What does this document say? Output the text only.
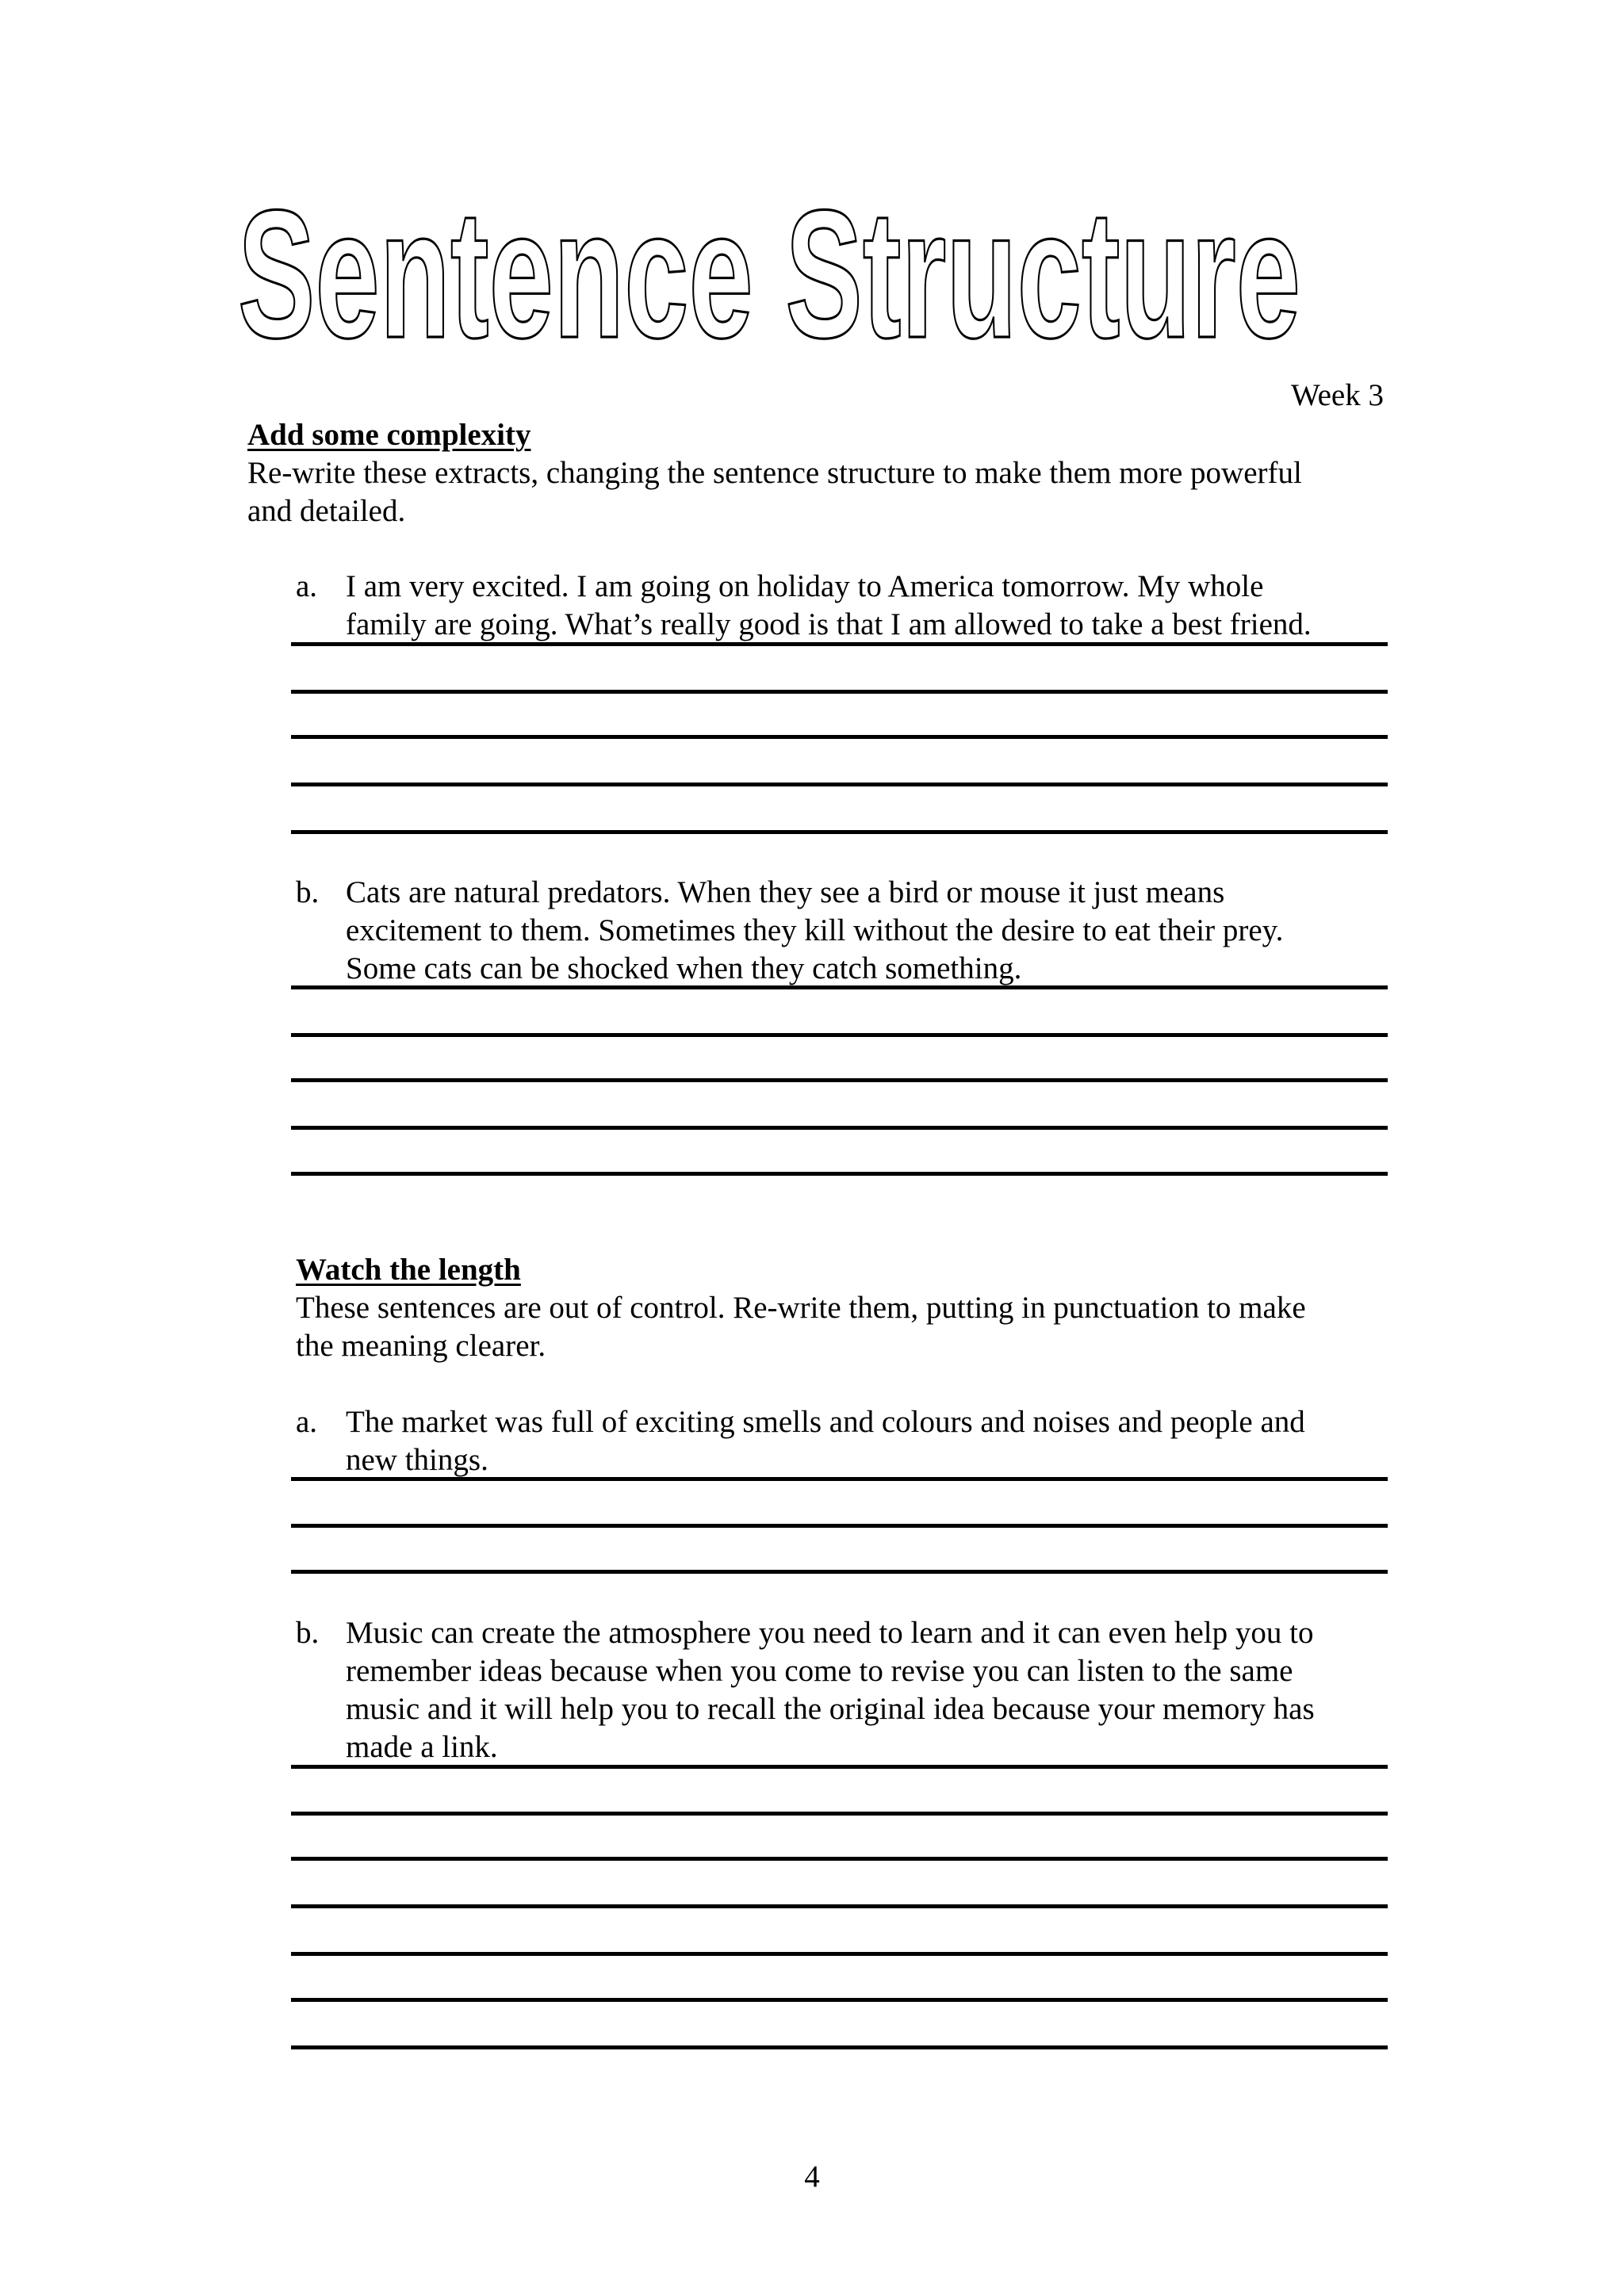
Sentence Structure
Week 3
Add some complexity
Re-write these extracts, changing the sentence structure to make them more powerful
and detailed.
a. I am very excited. I am going on holiday to America tomorrow. My whole
family are going. What’s really good is that I am allowed to take a best friend.
b. Cats are natural predators. When they see a bird or mouse it just means
excitement to them. Sometimes they kill without the desire to eat their prey.
Some cats can be shocked when they catch something.
Watch the length
These sentences are out of control. Re-write them, putting in punctuation to make
the meaning clearer.
a. The market was full of exciting smells and colours and noises and people and
new things.
b. Music can create the atmosphere you need to learn and it can even help you to
remember ideas because when you come to revise you can listen to the same
music and it will help you to recall the original idea because your memory has
made a link.
4
